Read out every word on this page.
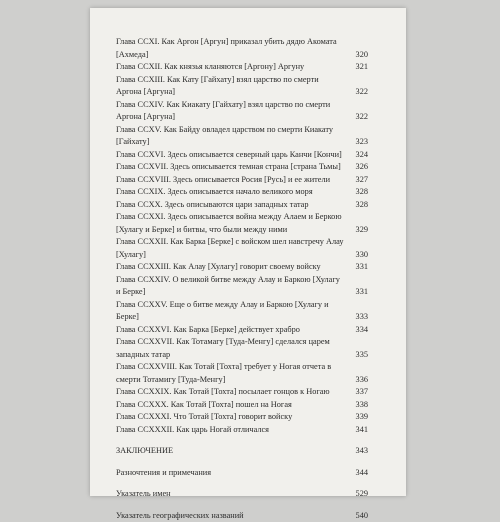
Глава CCXI. Как Аргон [Аргун] приказал убить дядю Акомата [Ахмеда]	320
Глава CCXII. Как князья кланяются [Аргону] Аргуну	321
Глава CCXIII. Как Кату [Гайхату] взял царство по смерти Аргона [Аргуна]	322
Глава CCXIV. Как Киакату [Гайхату] взял царство по смерти Аргона [Аргуна]	322
Глава CCXV. Как Байду овладел царством по смерти Киакату [Гайхату]	323
Глава CCXVI. Здесь описывается северный царь Канчи [Кончи] 324
Глава CCXVII. Здесь описывается темная страна [страна Тьмы] 326
Глава CCXVIII. Здесь описывается Росия [Русь] и ее жители	327
Глава CCXIX. Здесь описывается начало великого моря	328
Глава CCXX. Здесь описываются цари западных татар	328
Глава CCXXI. Здесь описывается война между Алаем и Беркою [Хулагу и Берке] и битвы, что были между ними	329
Глава CCXXII. Как Барка [Берке] с войском шел навстречу Алау [Хулагу]	330
Глава CCXXIII. Как Алау [Хулагу] говорит своему войску	331
Глава CCXXIV. О великой битве между Алау и Баркою [Хулагу и Берке]	331
Глава CCXXV. Еще о битве между Алау и Баркою [Хулагу и Берке]	333
Глава CCXXVI. Как Барка [Берке] действует храбро	334
Глава CCXXVII. Как Тотамагу [Туда-Менгу] сделался царем западных татар	335
Глава CCXXVIII. Как Тотай [Тохта] требует у Ногая отчета в смерти Тотамигу [Туда-Менгу]	336
Глава CCXXIX. Как Тотай [Тохта] посылает гонцов к Ногаю	337
Глава CCXXX. Как Тотай [Тохта] пошел на Ногая	338
Глава CCXXXI. Что Тотай [Тохта] говорит войску	339
Глава CCXXXII. Как царь Ногай отличался	341
ЗАКЛЮЧЕНИЕ	343
Разночтения и примечания	344
Указатель имен	529
Указатель географических названий	540
